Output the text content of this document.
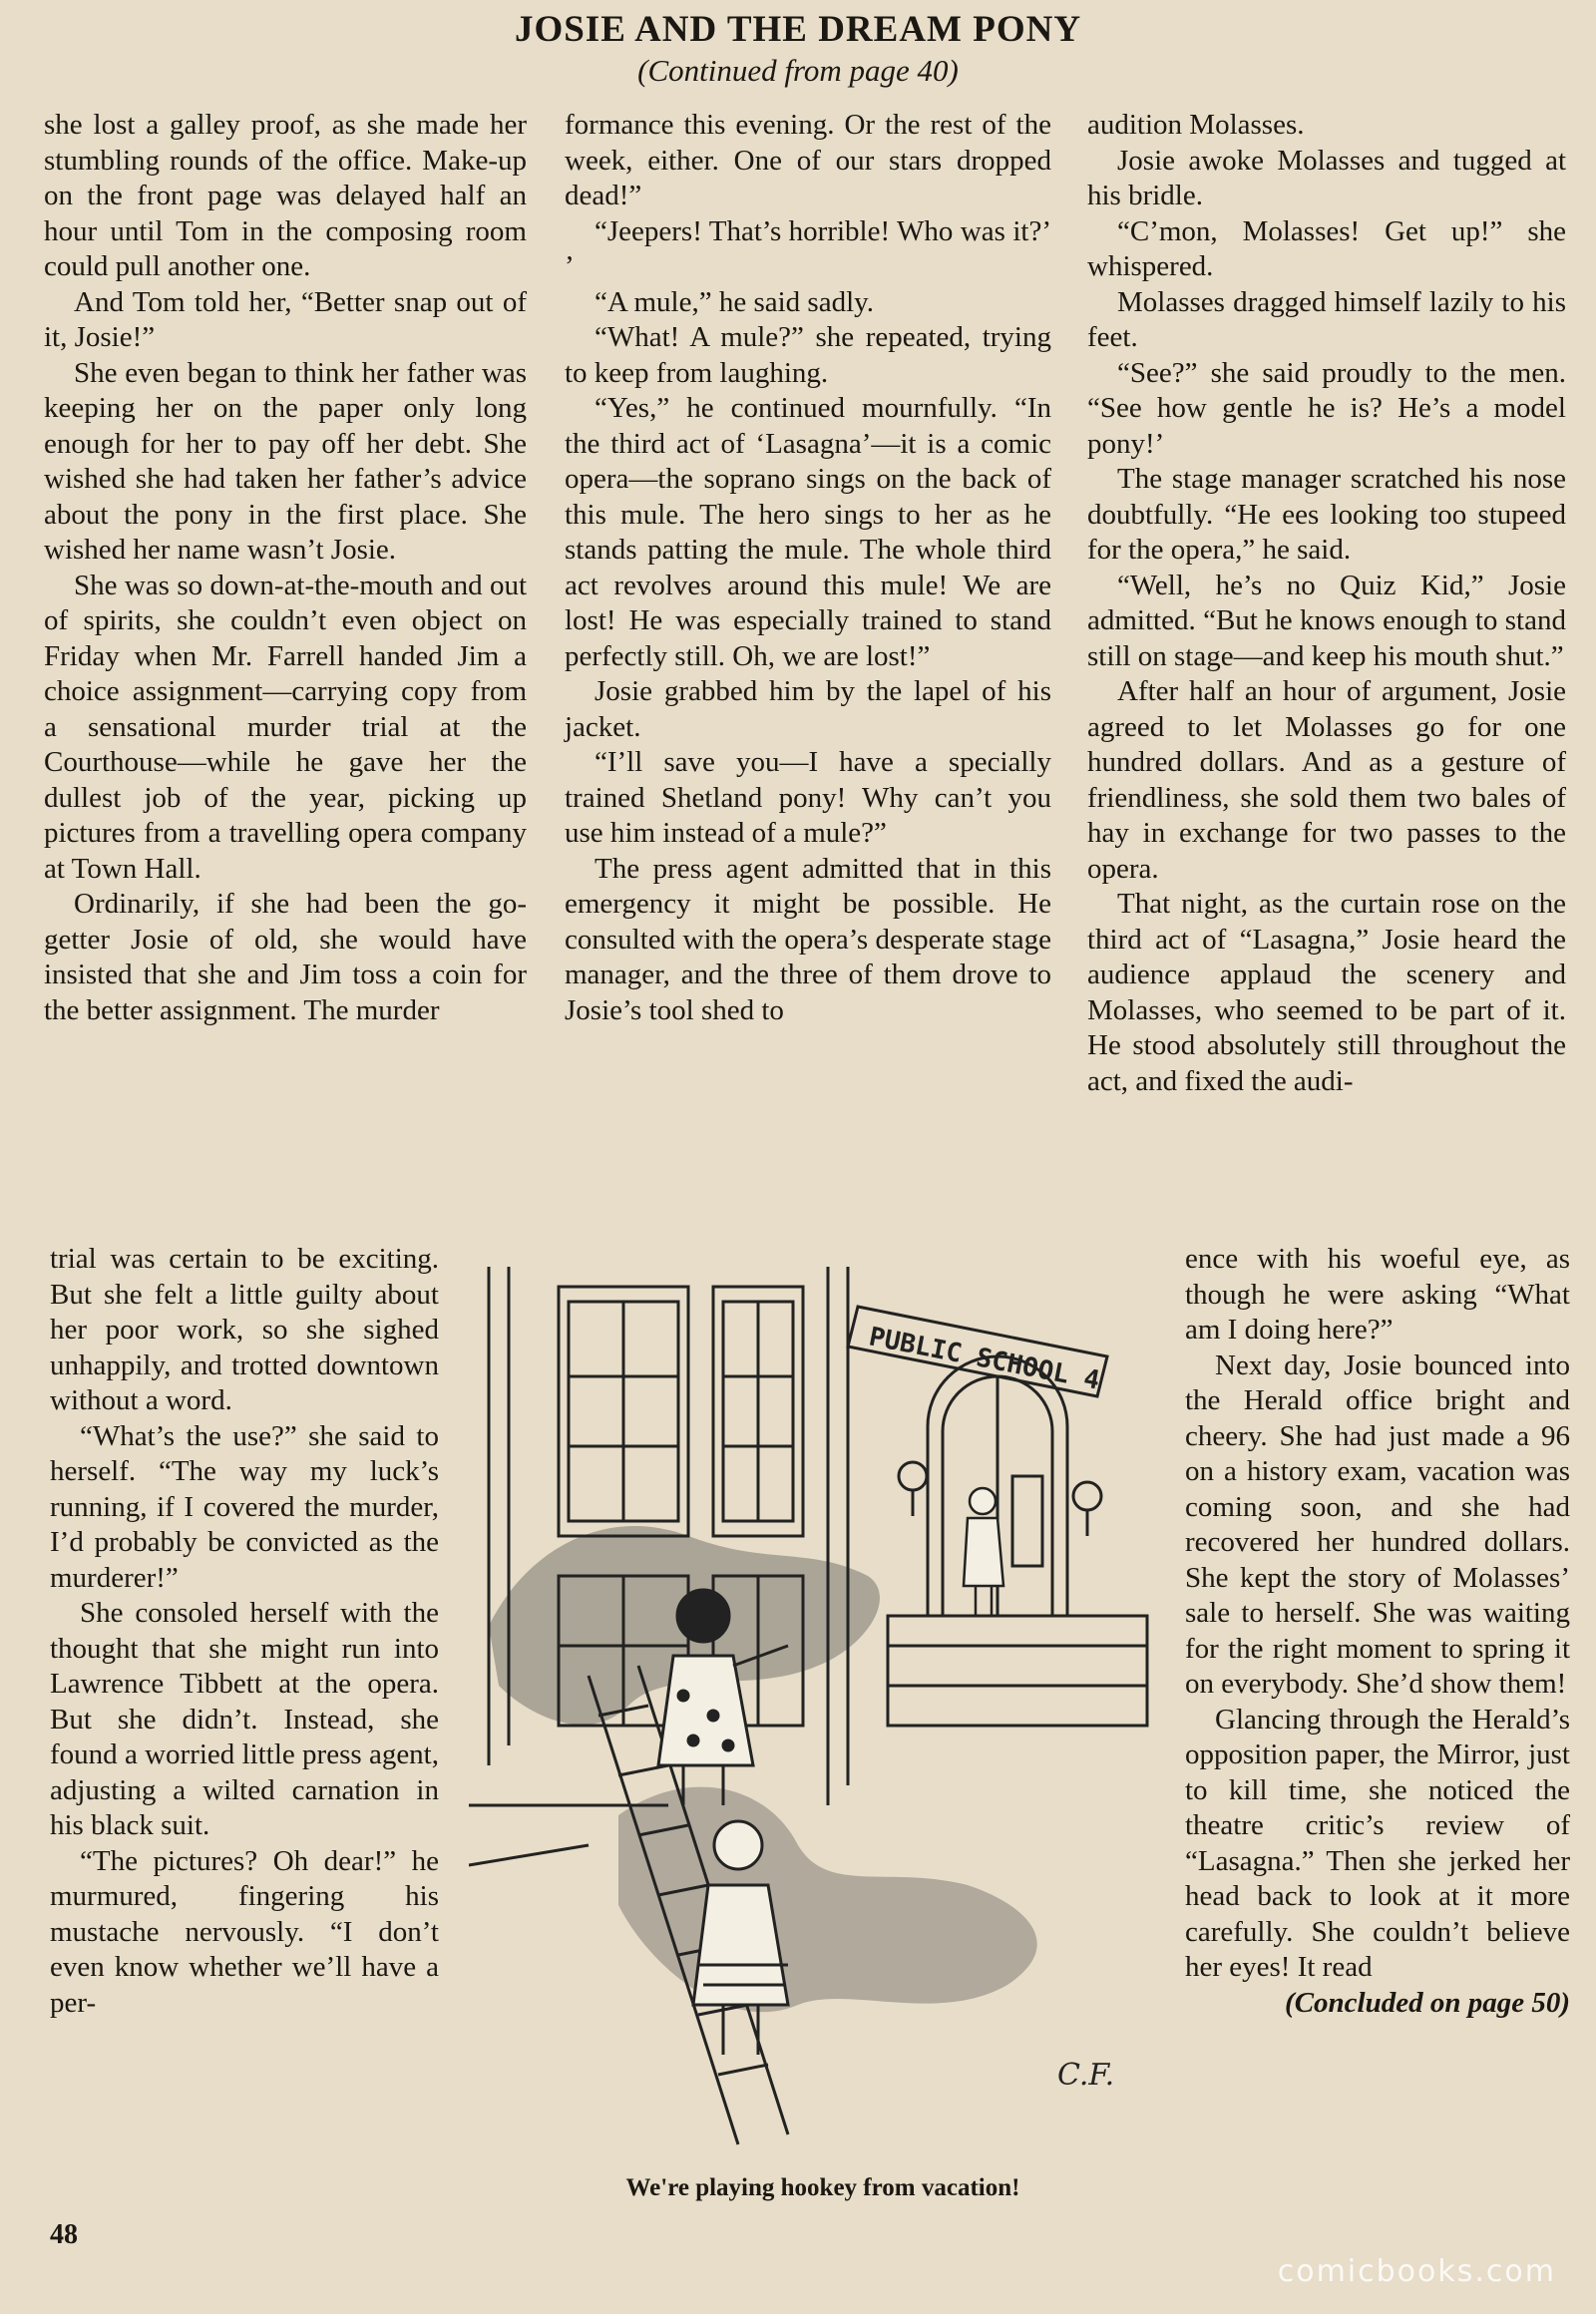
JOSIE AND THE DREAM PONY
(Continued from page 40)

she lost a galley proof, as she made her stumbling rounds of the office. Make-up on the front page was delayed half an hour until Tom in the composing room could pull another one.

And Tom told her, “Better snap out of it, Josie!”

She even began to think her father was keeping her on the paper only long enough for her to pay off her debt. She wished she had taken her father’s advice about the pony in the first place. She wished her name wasn’t Josie.

She was so down-at-the-mouth and out of spirits, she couldn’t even object on Friday when Mr. Farrell handed Jim a choice assignment—carrying copy from a sensational murder trial at the Courthouse—while he gave her the dullest job of the year, picking up pictures from a travelling opera company at Town Hall.

Ordinarily, if she had been the go-getter Josie of old, she would have insisted that she and Jim toss a coin for the better assignment. The murder

trial was certain to be exciting. But she felt a little guilty about her poor work, so she sighed unhappily, and trotted downtown without a word.

“What’s the use?” she said to herself. “The way my luck’s running, if I covered the murder, I’d probably be convicted as the murderer!”

She consoled herself with the thought that she might run into Lawrence Tibbett at the opera. But she didn’t. Instead, she found a worried little press agent, adjusting a wilted carnation in his black suit.

“The pictures? Oh dear!” he murmured, fingering his mustache nervously. “I don’t even know whether we’ll have a per-

formance this evening. Or the rest of the week, either. One of our stars dropped dead!”

“Jeepers! That’s horrible! Who was it?’ ’

“A mule,” he said sadly.

“What! A mule?” she repeated, trying to keep from laughing.

“Yes,” he continued mournfully. “In the third act of ‘Lasagna’—it is a comic opera—the soprano sings on the back of this mule. The hero sings to her as he stands patting the mule. The whole third act revolves around this mule! We are lost! He was especially trained to stand perfectly still. Oh, we are lost!”

Josie grabbed him by the lapel of his jacket.

“I’ll save you—I have a specially trained Shetland pony! Why can’t you use him instead of a mule?”

The press agent admitted that in this emergency it might be possible. He consulted with the opera’s desperate stage manager, and the three of them drove to Josie’s tool shed to

audition Molasses.

Josie awoke Molasses and tugged at his bridle.

“C’mon, Molasses! Get up!” she whispered.

Molasses dragged himself lazily to his feet.

“See?” she said proudly to the men. “See how gentle he is? He’s a model pony!’

The stage manager scratched his nose doubtfully. “He ees looking too stupeed for the opera,” he said.

“Well, he’s no Quiz Kid,” Josie admitted. “But he knows enough to stand still on stage—and keep his mouth shut.”

After half an hour of argument, Josie agreed to let Molasses go for one hundred dollars. And as a gesture of friendliness, she sold them two bales of hay in exchange for two passes to the opera.

That night, as the curtain rose on the third act of “Lasagna,” Josie heard the audience applaud the scenery and Molasses, who seemed to be part of it. He stood absolutely still throughout the act, and fixed the audi-

ence with his woeful eye, as though he were asking “What am I doing here?”

Next day, Josie bounced into the Herald office bright and cheery. She had just made a 96 on a history exam, vacation was coming soon, and she had recovered her hundred dollars. She kept the story of Molasses’ sale to herself. She was waiting for the right moment to spring it on everybody. She’d show them!

Glancing through the Herald’s opposition paper, the Mirror, just to kill time, she noticed the theatre critic’s review of “Lasagna.” Then she jerked her head back to look at it more carefully. She couldn’t believe her eyes! It read

(Concluded on page 50)

PUBLIC SCHOOL 4
C.F.
We're playing hookey from vacation!
48
comicbooks.com
